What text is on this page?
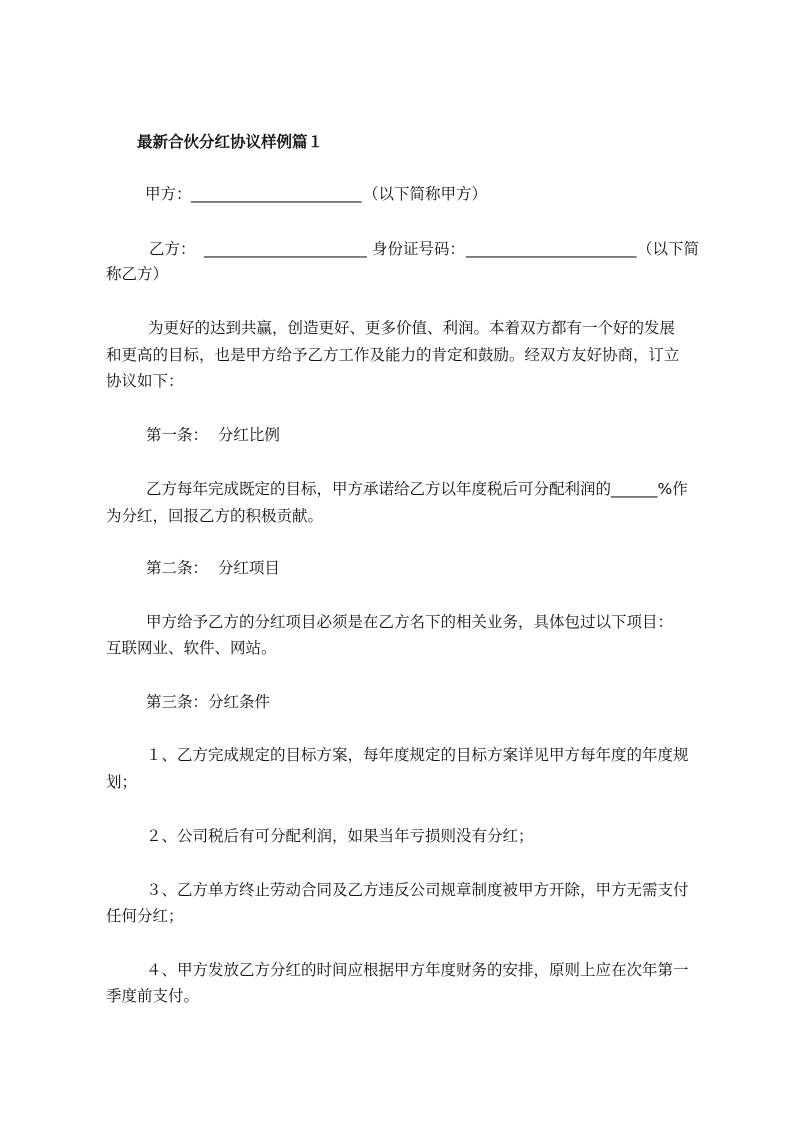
最新合伙分红协议样例篇１
甲方： ______________________ （以下简称甲方）
乙方： _____________________ 身份证号码： ______________________ （以下简
称乙方）
为更好的达到共赢，创造更好、更多价值、利润。本着双方都有一个好的发展
和更高的目标，也是甲方给予乙方工作及能力的肯定和鼓励。经双方友好协商，订立
协议如下：
第一条：  分红比例
乙方每年完成既定的目标，甲方承诺给乙方以年度税后可分配利润的______%作
为分红，回报乙方的积极贡献。
第二条：  分红项目
甲方给予乙方的分红项目必须是在乙方名下的相关业务，具体包过以下项目：
互联网业、软件、网站。
第三条：分红条件
１、乙方完成规定的目标方案，每年度规定的目标方案详见甲方每年度的年度规
划；
２、公司税后有可分配利润，如果当年亏损则没有分红；
３、乙方单方终止劳动合同及乙方违反公司规章制度被甲方开除，甲方无需支付
任何分红；
４、甲方发放乙方分红的时间应根据甲方年度财务的安排，原则上应在次年第一
季度前支付。
